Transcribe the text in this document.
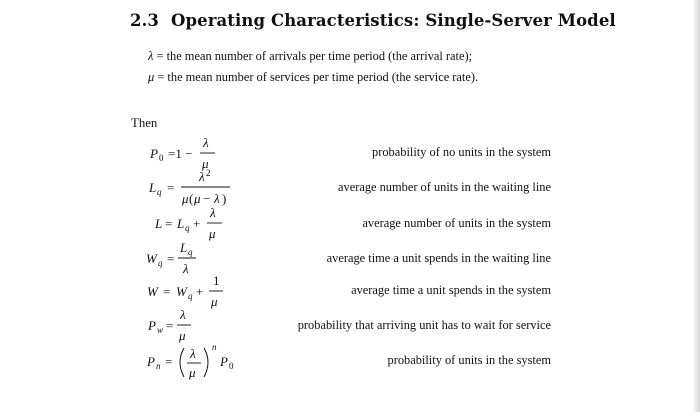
2.3 Operating Characteristics: Single-Server Model
λ = the mean number of arrivals per time period (the arrival rate);
μ = the mean number of services per time period (the service rate).
Then
P 0 =1 −
λ
μ
L q =
λ 2
μ ( μ − λ )
L = L q +
λ
μ
W q =
L q
λ
W = W q +
1
μ
P w =
λ
μ
P n =
λ
μ
n
P 0
probability of no units in the system
average number of units in the waiting line
average number of units in the system
average time a unit spends in the waiting line
average time a unit spends in the system
probability that arriving unit has to wait for service
probability of units in the system
